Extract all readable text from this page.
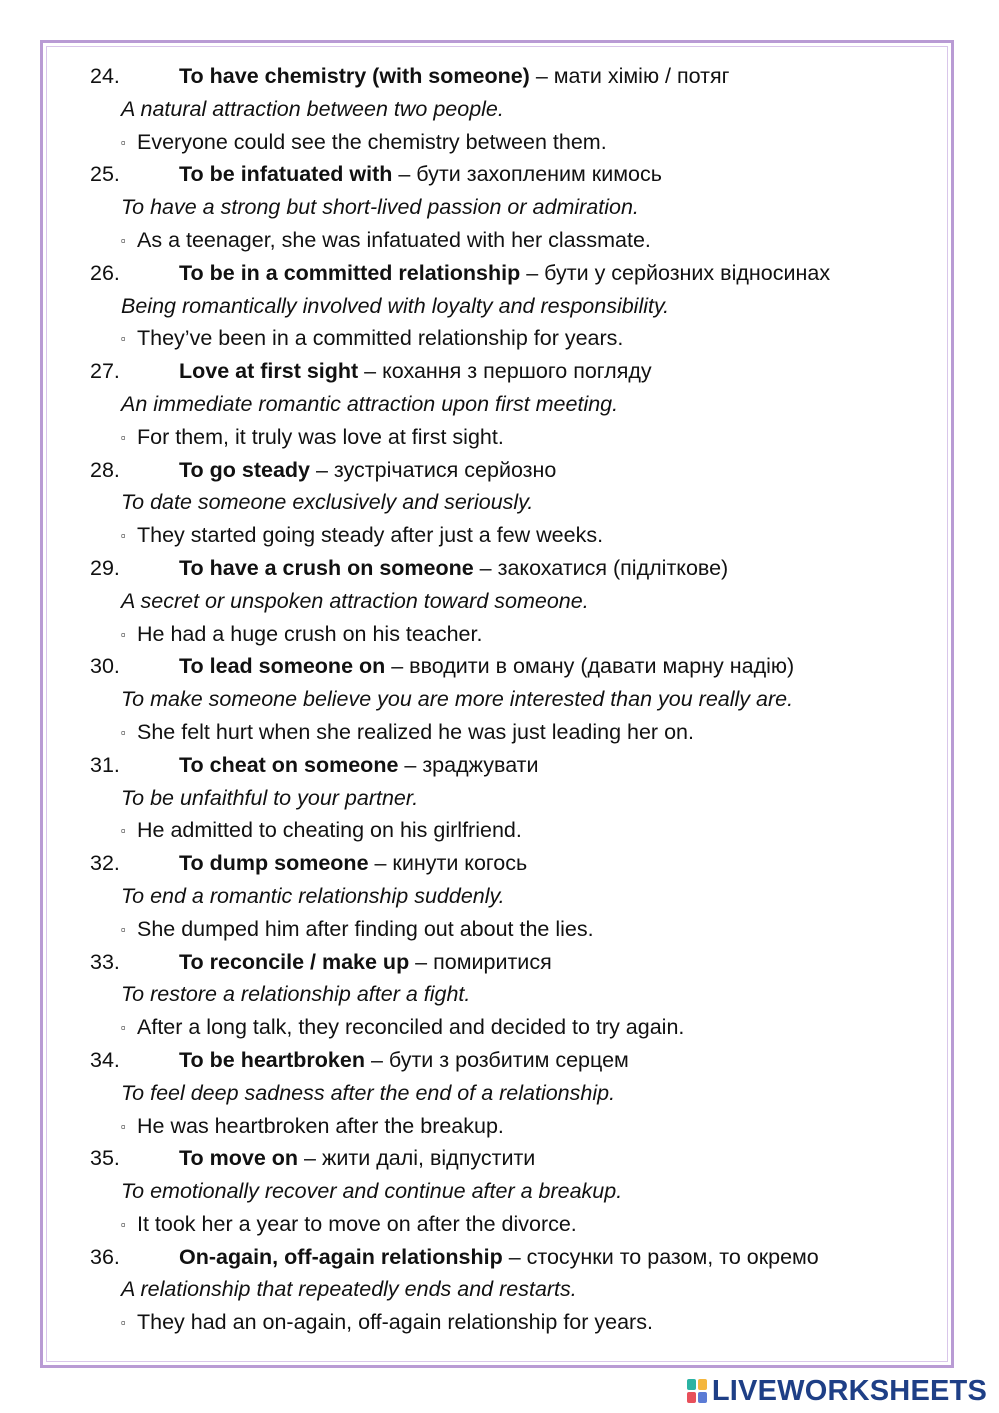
24.	To have chemistry (with someone) – мати хімію / потяг
A natural attraction between two people.
▫ Everyone could see the chemistry between them.
25.	To be infatuated with – бути захопленим кимось
To have a strong but short-lived passion or admiration.
▫ As a teenager, she was infatuated with her classmate.
26.	To be in a committed relationship – бути у серйозних відносинах
Being romantically involved with loyalty and responsibility.
▫ They’ve been in a committed relationship for years.
27.	Love at first sight – кохання з першого погляду
An immediate romantic attraction upon first meeting.
▫ For them, it truly was love at first sight.
28.	To go steady – зустрічатися серйозно
To date someone exclusively and seriously.
▫ They started going steady after just a few weeks.
29.	To have a crush on someone – закохатися (підліткове)
A secret or unspoken attraction toward someone.
▫ He had a huge crush on his teacher.
30.	To lead someone on – вводити в оману (давати марну надію)
To make someone believe you are more interested than you really are.
▫ She felt hurt when she realized he was just leading her on.
31.	To cheat on someone – зраджувати
To be unfaithful to your partner.
▫ He admitted to cheating on his girlfriend.
32.	To dump someone – кинути когось
To end a romantic relationship suddenly.
▫ She dumped him after finding out about the lies.
33.	To reconcile / make up – помиритися
To restore a relationship after a fight.
▫ After a long talk, they reconciled and decided to try again.
34.	To be heartbroken – бути з розбитим серцем
To feel deep sadness after the end of a relationship.
▫ He was heartbroken after the breakup.
35.	To move on – жити далі, відпустити
To emotionally recover and continue after a breakup.
▫ It took her a year to move on after the divorce.
36.	On-again, off-again relationship – стосунки то разом, то окремо
A relationship that repeatedly ends and restarts.
▫ They had an on-again, off-again relationship for years.
LIVEWORKSHEETS
